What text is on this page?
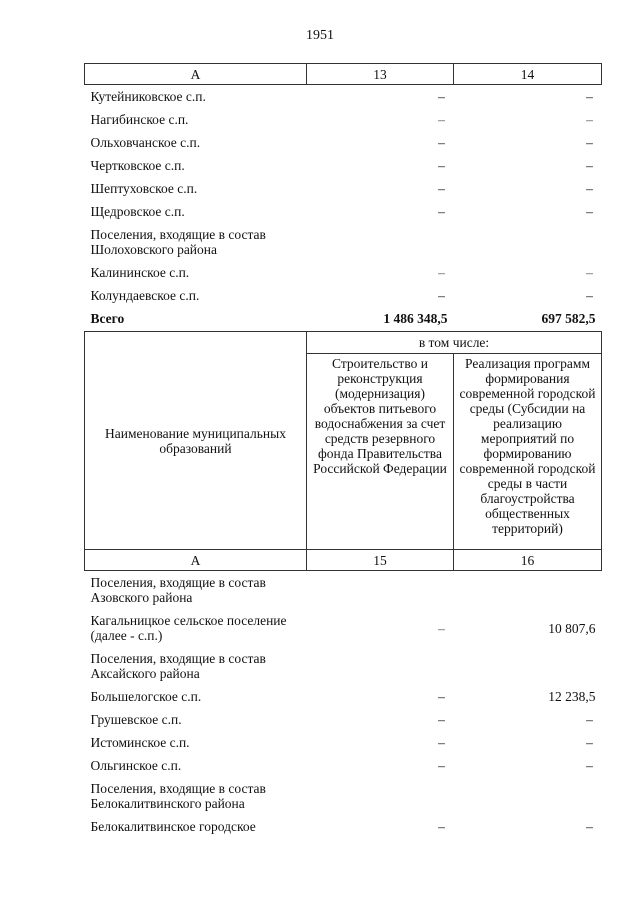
1951
А	13	14
Кутейниковское с.п.	–	–
Нагибинское с.п.	–	–
Ольховчанское с.п.	–	–
Чертковское с.п.	–	–
Шептуховское с.п.	–	–
Щедровское с.п.	–	–
Поселения, входящие в состав Шолоховского района		
Калининское с.п.	–	–
Колундаевское с.п.	–	–
Всего	1 486 348,5	697 582,5
Наименование муниципальных образований	в том числе:	
	Строительство и реконструкция (модернизация) объектов питьевого водоснабжения за счет средств резервного фонда Правительства Российской Федерации	Реализация программ формирования современной городской среды (Субсидии на реализацию мероприятий по формированию современной городской среды в части благоустройства общественных территорий)
А	15	16
Поселения, входящие в состав Азовского района		
Кагальницкое сельское поселение (далее - с.п.)	–	10 807,6
Поселения, входящие в состав Аксайского района		
Большелогское с.п.	–	12 238,5
Грушевское с.п.	–	–
Истоминское с.п.	–	–
Ольгинское с.п.	–	–
Поселения, входящие в состав Белокалитвинского района		
Белокалитвинское городское	–	–
